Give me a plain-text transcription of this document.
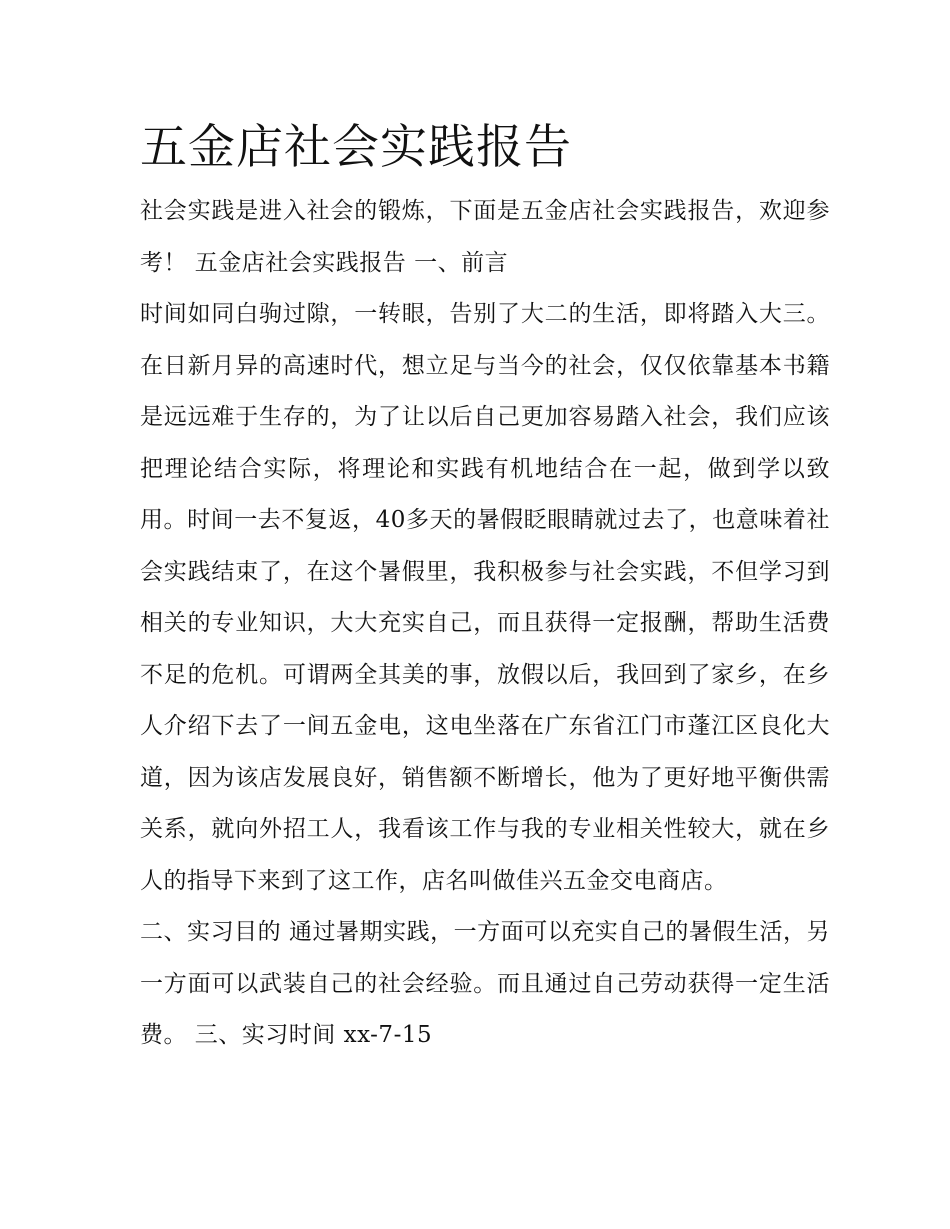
五金店社会实践报告

社会实践是进入社会的锻炼，下面是五金店社会实践报告，欢迎参考！ 五金店社会实践报告 一、前言

时间如同白驹过隙，一转眼，告别了大二的生活，即将踏入大三。在日新月异的高速时代，想立足与当今的社会，仅仅依靠基本书籍是远远难于生存的，为了让以后自己更加容易踏入社会，我们应该把理论结合实际，将理论和实践有机地结合在一起，做到学以致用。时间一去不复返，40多天的暑假眨眼睛就过去了，也意味着社会实践结束了，在这个暑假里，我积极参与社会实践，不但学习到相关的专业知识，大大充实自己，而且获得一定报酬，帮助生活费不足的危机。可谓两全其美的事，放假以后，我回到了家乡，在乡人介绍下去了一间五金电，这电坐落在广东省江门市蓬江区良化大道，因为该店发展良好，销售额不断增长，他为了更好地平衡供需关系，就向外招工人，我看该工作与我的专业相关性较大，就在乡人的指导下来到了这工作，店名叫做佳兴五金交电商店。

二、实习目的 通过暑期实践，一方面可以充实自己的暑假生活，另一方面可以武装自己的社会经验。而且通过自己劳动获得一定生活费。 三、实习时间 xx-7-15
